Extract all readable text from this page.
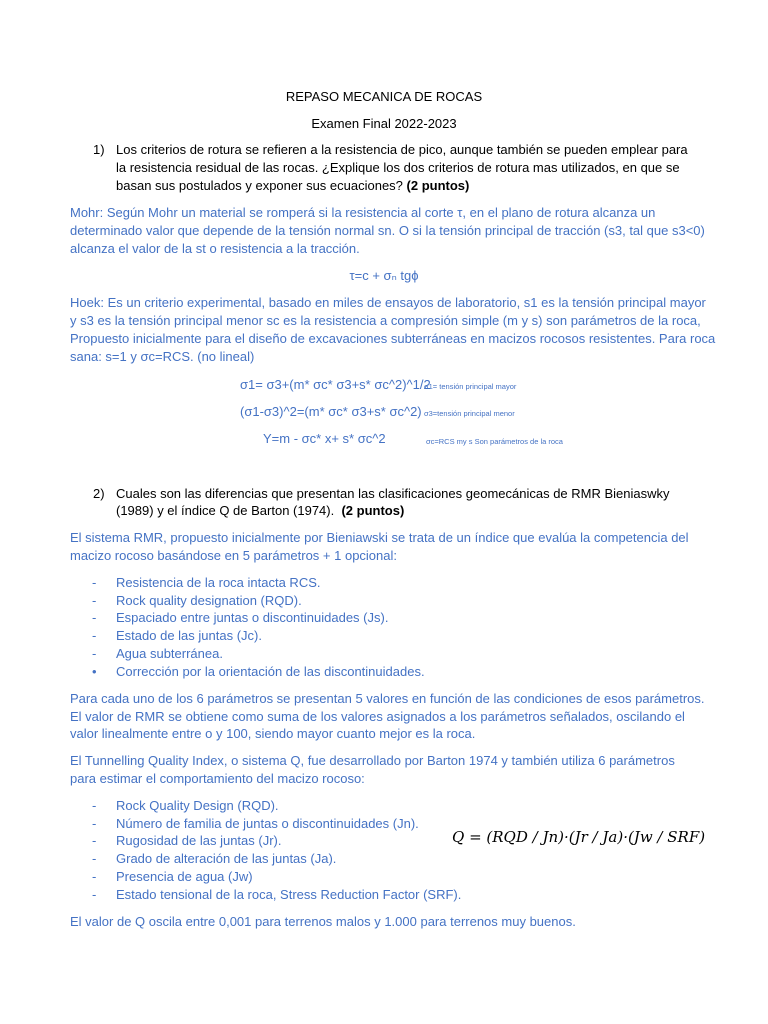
REPASO MECANICA DE ROCAS
Examen Final 2022-2023
1) Los criterios de rotura se refieren a la resistencia de pico, aunque también se pueden emplear para
la resistencia residual de las rocas. ¿Explique los dos criterios de rotura mas utilizados, en que se
basan sus postulados y exponer sus ecuaciones? (2 puntos)
Mohr: Según Mohr un material se romperá si la resistencia al corte τ, en el plano de rotura alcanza un
determinado valor que depende de la tensión normal sn. O si la tensión principal de tracción (s3, tal que s3<0)
alcanza el valor de la st o resistencia a la tracción.
τ=c + σₙ tgϕ
Hoek: Es un criterio experimental, basado en miles de ensayos de laboratorio, s1 es la tensión principal mayor
y s3 es la tensión principal menor sc es la resistencia a compresión simple (m y s) son parámetros de la roca,
Propuesto inicialmente para el diseño de excavaciones subterráneas en macizos rocosos resistentes. Para roca
sana: s=1 y σc=RCS. (no lineal)
σ1= σ3+(m* σc* σ3+s* σc^2)^1/2
σ1= tensión principal mayor
(σ1-σ3)^2=(m* σc* σ3+s* σc^2) σ3=tensión principal menor
Y=m - σc* x+ s* σc^2	σc=RCS my s Son parámetros de la roca
2) Cuales son las diferencias que presentan las clasificaciones geomecánicas de RMR Bieniaswky
(1989) y el índice Q de Barton (1974). (2 puntos)
El sistema RMR, propuesto inicialmente por Bieniawski se trata de un índice que evalúa la competencia del
macizo rocoso basándose en 5 parámetros + 1 opcional:
- Resistencia de la roca intacta RCS.
- Rock quality designation (RQD).
- Espaciado entre juntas o discontinuidades (Js).
- Estado de las juntas (Jc).
- Agua subterránea.
• Corrección por la orientación de las discontinuidades.
Para cada uno de los 6 parámetros se presentan 5 valores en función de las condiciones de esos parámetros.
El valor de RMR se obtiene como suma de los valores asignados a los parámetros señalados, oscilando el
valor linealmente entre o y 100, siendo mayor cuanto mejor es la roca.
El Tunnelling Quality Index, o sistema Q, fue desarrollado por Barton 1974 y también utiliza 6 parámetros
para estimar el comportamiento del macizo rocoso:
- Rock Quality Design (RQD).
- Número de familia de juntas o discontinuidades (Jn).
- Rugosidad de las juntas (Jr).
- Grado de alteración de las juntas (Ja).
- Presencia de agua (Jw)
- Estado tensional de la roca, Stress Reduction Factor (SRF).
Q = (RQD / Jn)·(Jr / Ja)·(Jw / SRF)
El valor de Q oscila entre 0,001 para terrenos malos y 1.000 para terrenos muy buenos.
